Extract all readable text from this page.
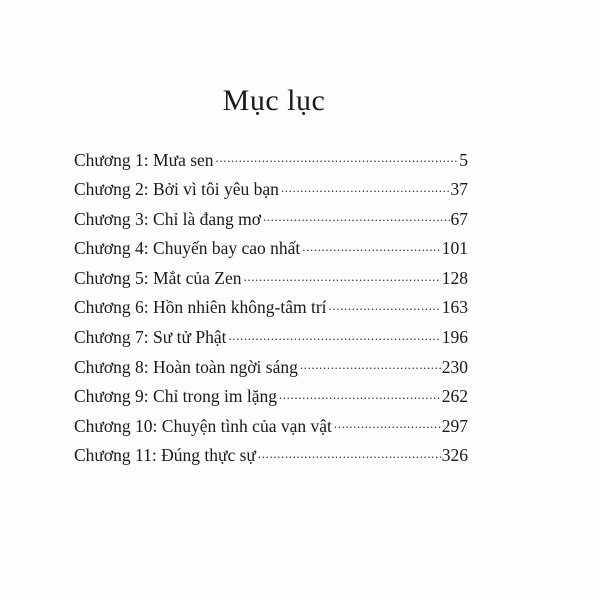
Mục lục
Chương 1: Mưa sen .....	5
Chương 2: Bởi vì tôi yêu bạn .....	37
Chương 3: Chỉ là đang mơ .....	67
Chương 4: Chuyến bay cao nhất .....	101
Chương 5: Mắt của Zen .....	128
Chương 6: Hồn nhiên không-tâm trí .....	163
Chương 7: Sư tử Phật .....	196
Chương 8: Hoàn toàn ngời sáng .....	230
Chương 9: Chỉ trong im lặng .....	262
Chương 10: Chuyện tình của vạn vật .....	297
Chương 11: Đúng thực sự .....	326
